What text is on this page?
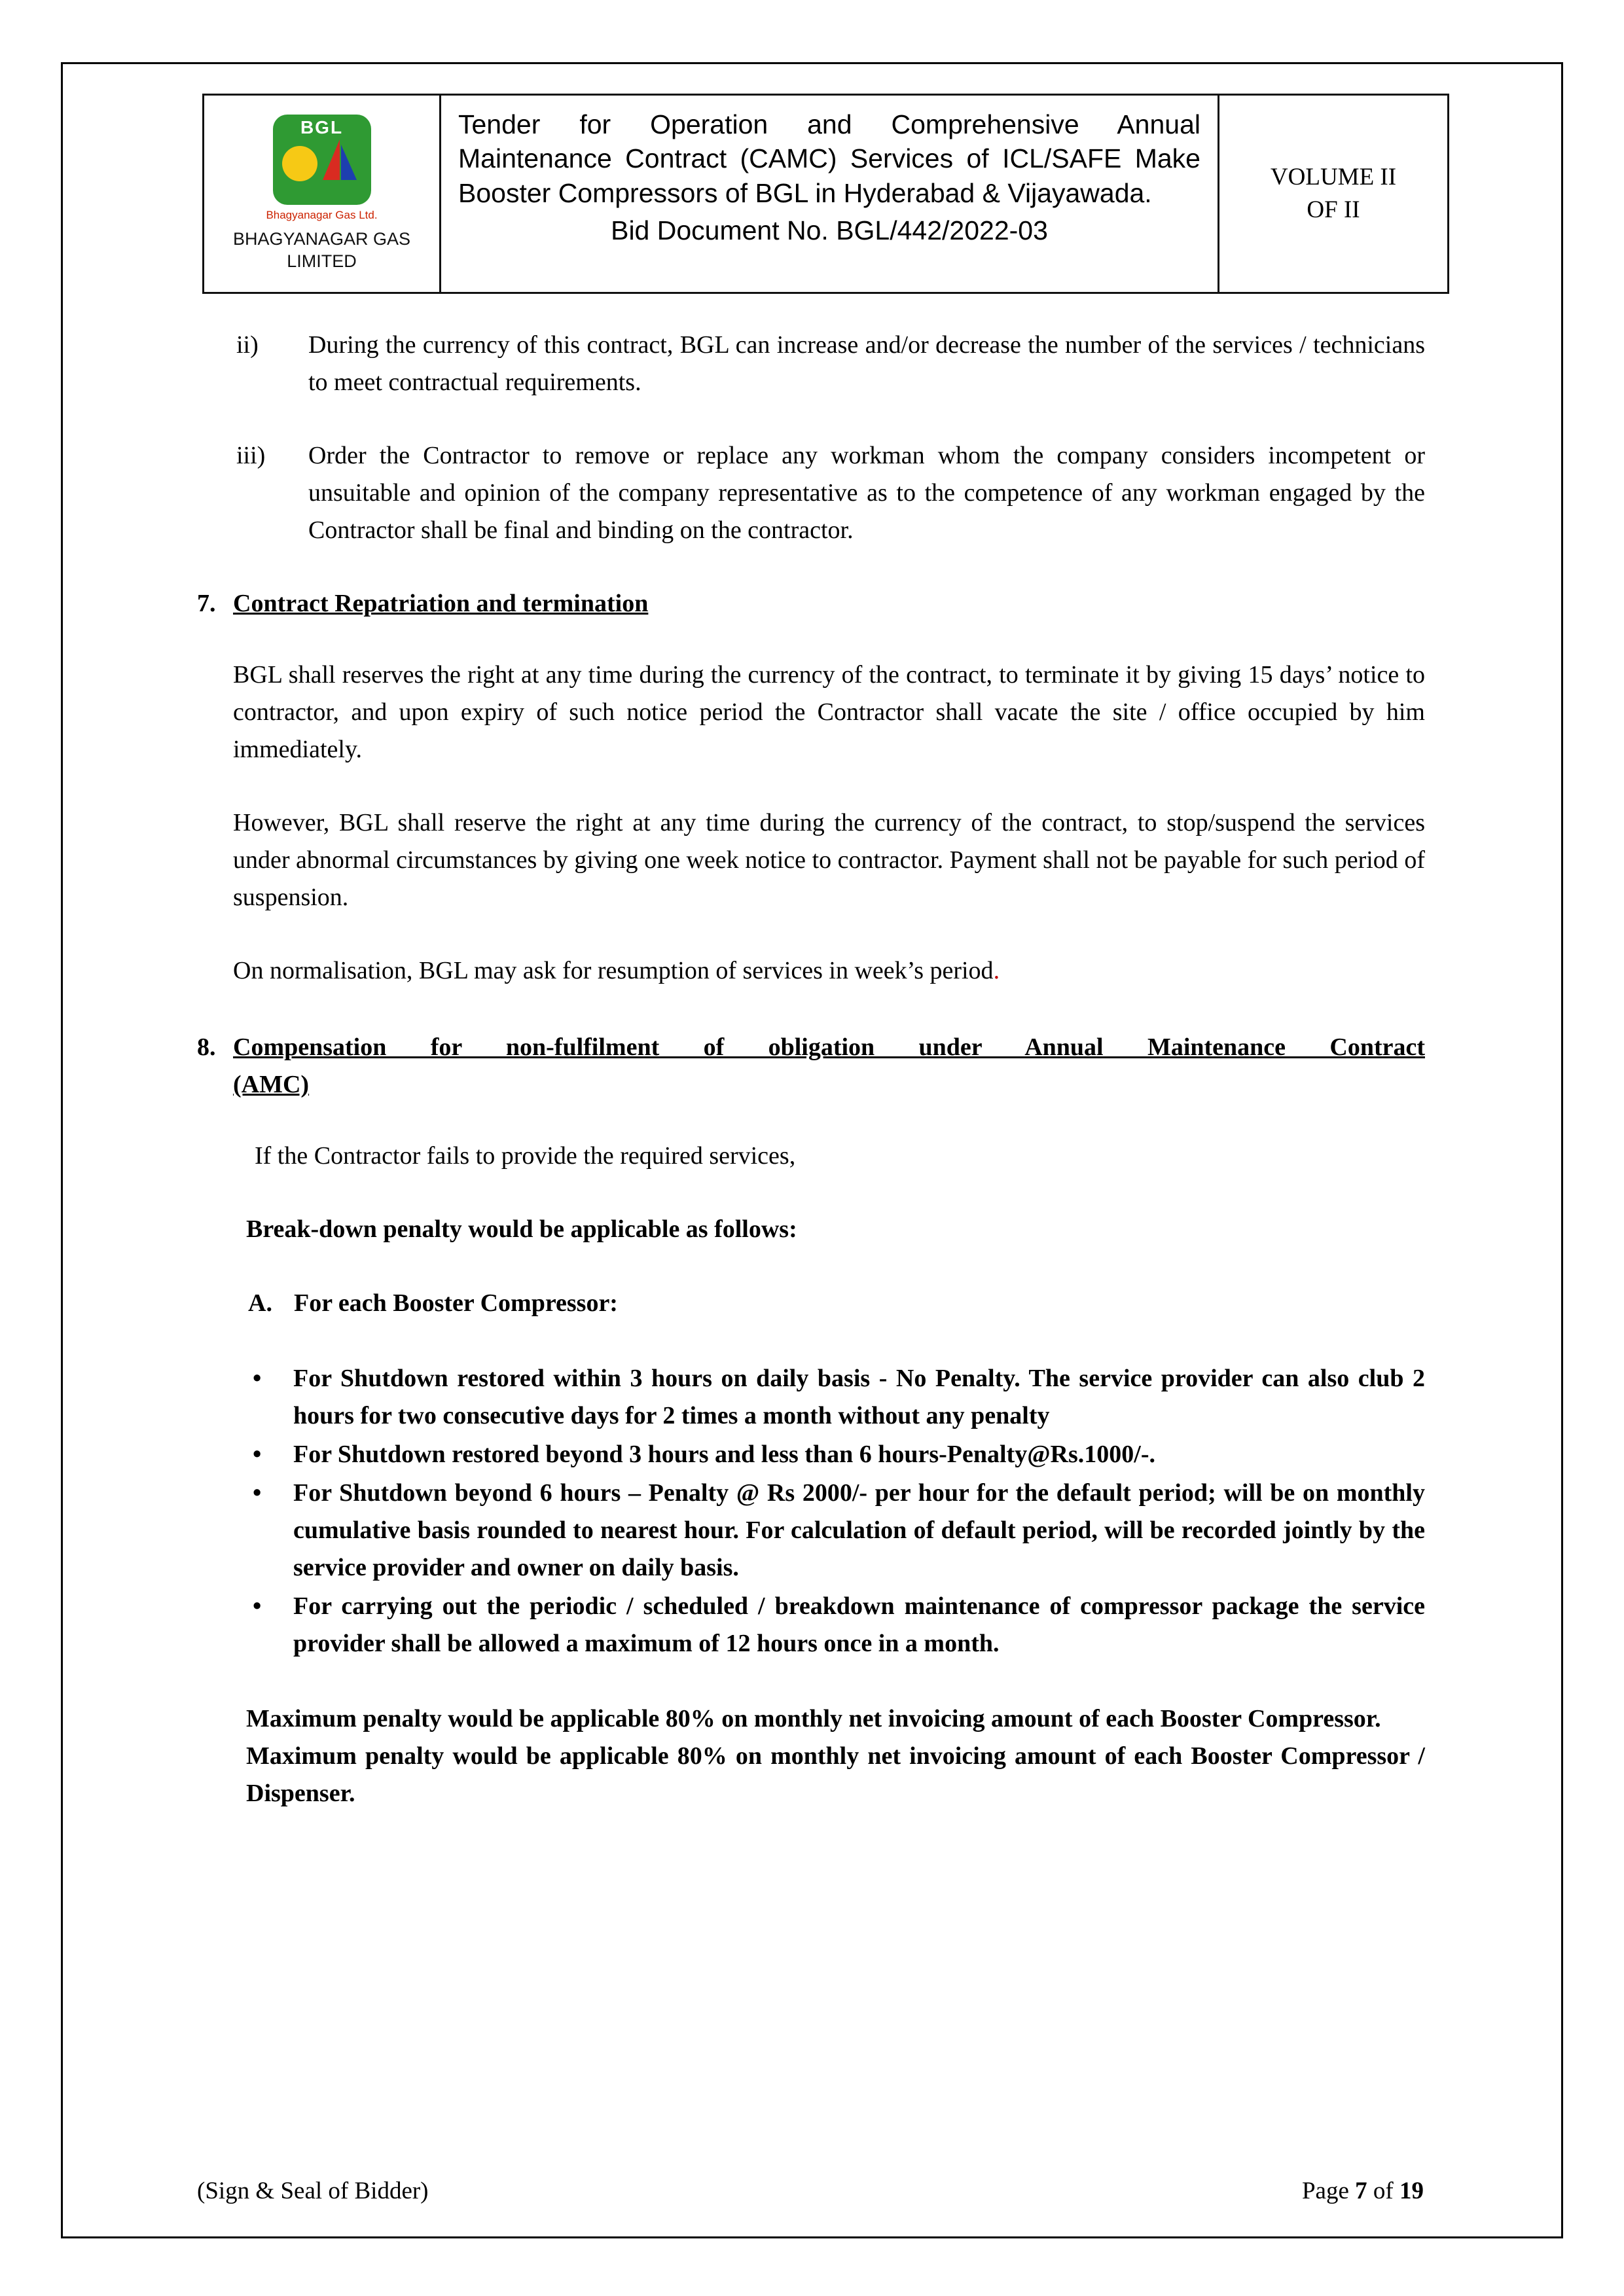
BGL
Bhagyanagar Gas Ltd.
BHAGYANAGAR GAS LIMITED
Tender for Operation and Comprehensive Annual Maintenance Contract (CAMC) Services of ICL/SAFE Make Booster Compressors of BGL in Hyderabad & Vijayawada.
Bid Document No. BGL/442/2022-03
VOLUME II
OF II
ii)	During the currency of this contract, BGL can increase and/or decrease the number of the services / technicians to meet contractual requirements.
iii)	Order the Contractor to remove or replace any workman whom the company considers incompetent or unsuitable and opinion of the company representative as to the competence of any workman engaged by the Contractor shall be final and binding on the contractor.
7. Contract Repatriation and termination

BGL shall reserves the right at any time during the currency of the contract, to terminate it by giving 15 days’ notice to contractor, and upon expiry of such notice period the Contractor shall vacate the site / office occupied by him immediately.

However, BGL shall reserve the right at any time during the currency of the contract, to stop/suspend the services under abnormal circumstances by giving one week notice to contractor. Payment shall not be payable for such period of suspension.

On normalisation, BGL may ask for resumption of services in week’s period.

8. Compensation for non-fulfilment of obligation under Annual Maintenance Contract
(AMC)

If the Contractor fails to provide the required services,

Break-down penalty would be applicable as follows:

A. For each Booster Compressor:
•	For Shutdown restored within 3 hours on daily basis - No Penalty. The service provider can also club 2 hours for two consecutive days for 2 times a month without any penalty
•	For Shutdown restored beyond 3 hours and less than 6 hours-Penalty@Rs.1000/-.
•	For Shutdown beyond 6 hours – Penalty @ Rs 2000/- per hour for the default period; will be on monthly cumulative basis rounded to nearest hour. For calculation of default period, will be recorded jointly by the service provider and owner on daily basis.
•	For carrying out the periodic / scheduled / breakdown maintenance of compressor package the service provider shall be allowed a maximum of 12 hours once in a month.

Maximum penalty would be applicable 80% on monthly net invoicing amount of each Booster Compressor.

Maximum penalty would be applicable 80% on monthly net invoicing amount of each Booster Compressor / Dispenser.

(Sign & Seal of Bidder)	Page 7 of 19
